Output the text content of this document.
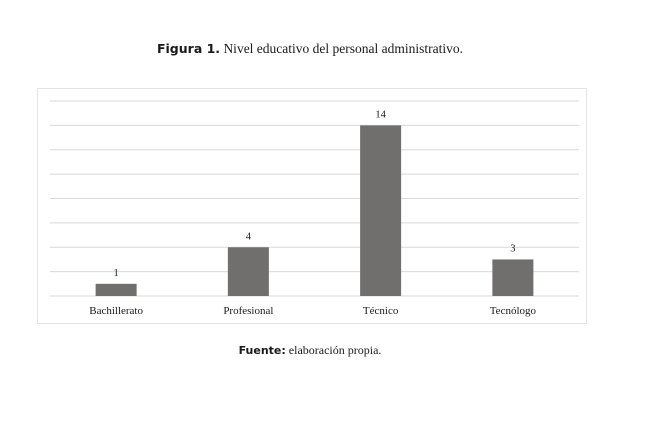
Figura 1. Nivel educativo del personal administrativo.
1
4
14
3
Bachillerato	Profesional	Técnico	Tecnólogo
Fuente: elaboración propia.
